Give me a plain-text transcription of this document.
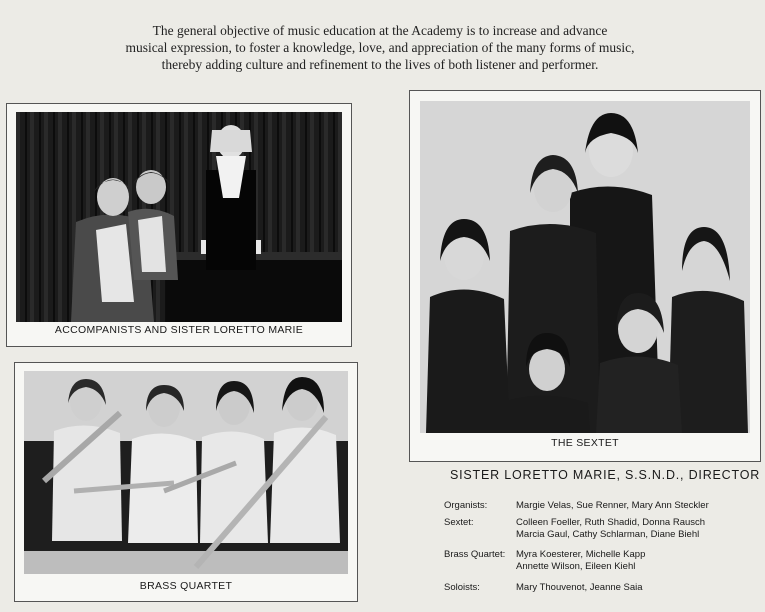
The general objective of music education at the Academy is to increase and advance
musical expression, to foster a knowledge, love, and appreciation of the many forms of music,
thereby adding culture and refinement to the lives of both listener and performer.
ACCOMPANISTS AND SISTER LORETTO MARIE
THE SEXTET
BRASS QUARTET
SISTER LORETTO MARIE, S.S.N.D., DIRECTOR
Organists:	Margie Velas, Sue Renner, Mary Ann Steckler
Sextet:	Colleen Foeller, Ruth Shadid, Donna Rausch
Marcia Gaul, Cathy Schlarman, Diane Biehl
Brass Quartet: Myra Koesterer, Michelle Kapp
Annette Wilson, Eileen Kiehl
Soloists:	Mary Thouvenot, Jeanne Saia
